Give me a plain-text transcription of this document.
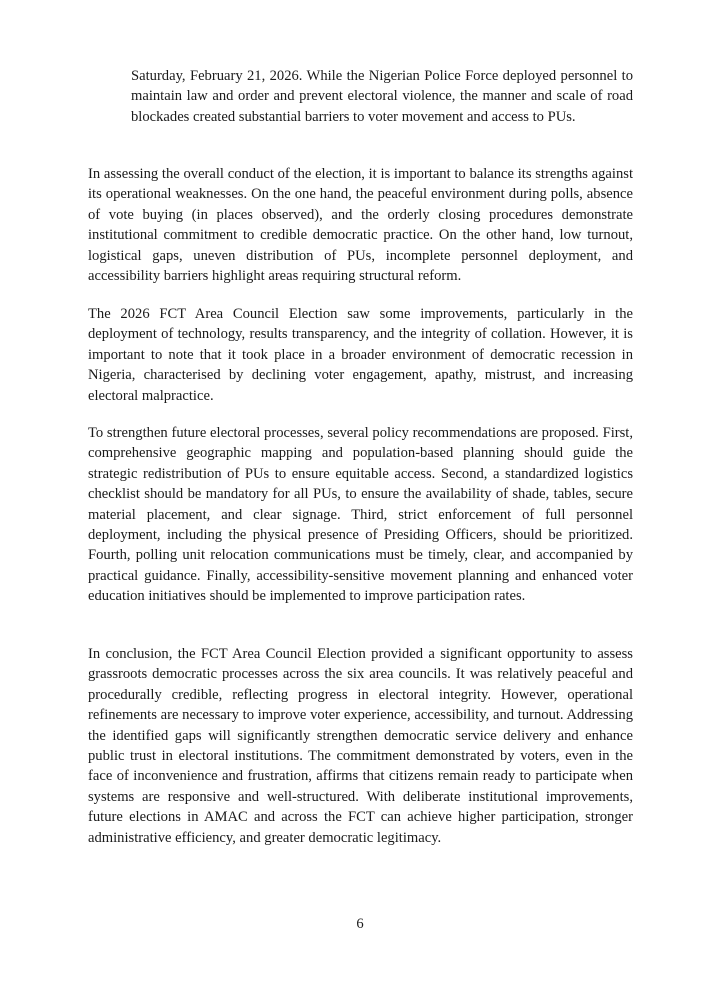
Saturday, February 21, 2026. While the Nigerian Police Force deployed personnel to maintain law and order and prevent electoral violence, the manner and scale of road blockades created substantial barriers to voter movement and access to PUs.

In assessing the overall conduct of the election, it is important to balance its strengths against its operational weaknesses. On the one hand, the peaceful environment during polls, absence of vote buying (in places observed), and the orderly closing procedures demonstrate institutional commitment to credible democratic practice. On the other hand, low turnout, logistical gaps, uneven distribution of PUs, incomplete personnel deployment, and accessibility barriers highlight areas requiring structural reform.

The 2026 FCT Area Council Election saw some improvements, particularly in the deployment of technology, results transparency, and the integrity of collation. However, it is important to note that it took place in a broader environment of democratic recession in Nigeria, characterised by declining voter engagement, apathy, mistrust, and increasing electoral malpractice.

To strengthen future electoral processes, several policy recommendations are proposed. First, comprehensive geographic mapping and population-based planning should guide the strategic redistribution of PUs to ensure equitable access. Second, a standardized logistics checklist should be mandatory for all PUs, to ensure the availability of shade, tables, secure material placement, and clear signage. Third, strict enforcement of full personnel deployment, including the physical presence of Presiding Officers, should be prioritized. Fourth, polling unit relocation communications must be timely, clear, and accompanied by practical guidance. Finally, accessibility-sensitive movement planning and enhanced voter education initiatives should be implemented to improve participation rates.

In conclusion, the FCT Area Council Election provided a significant opportunity to assess grassroots democratic processes across the six area councils. It was relatively peaceful and procedurally credible, reflecting progress in electoral integrity. However, operational refinements are necessary to improve voter experience, accessibility, and turnout. Addressing the identified gaps will significantly strengthen democratic service delivery and enhance public trust in electoral institutions. The commitment demonstrated by voters, even in the face of inconvenience and frustration, affirms that citizens remain ready to participate when systems are responsive and well-structured. With deliberate institutional improvements, future elections in AMAC and across the FCT can achieve higher participation, stronger administrative efficiency, and greater democratic legitimacy.

6
